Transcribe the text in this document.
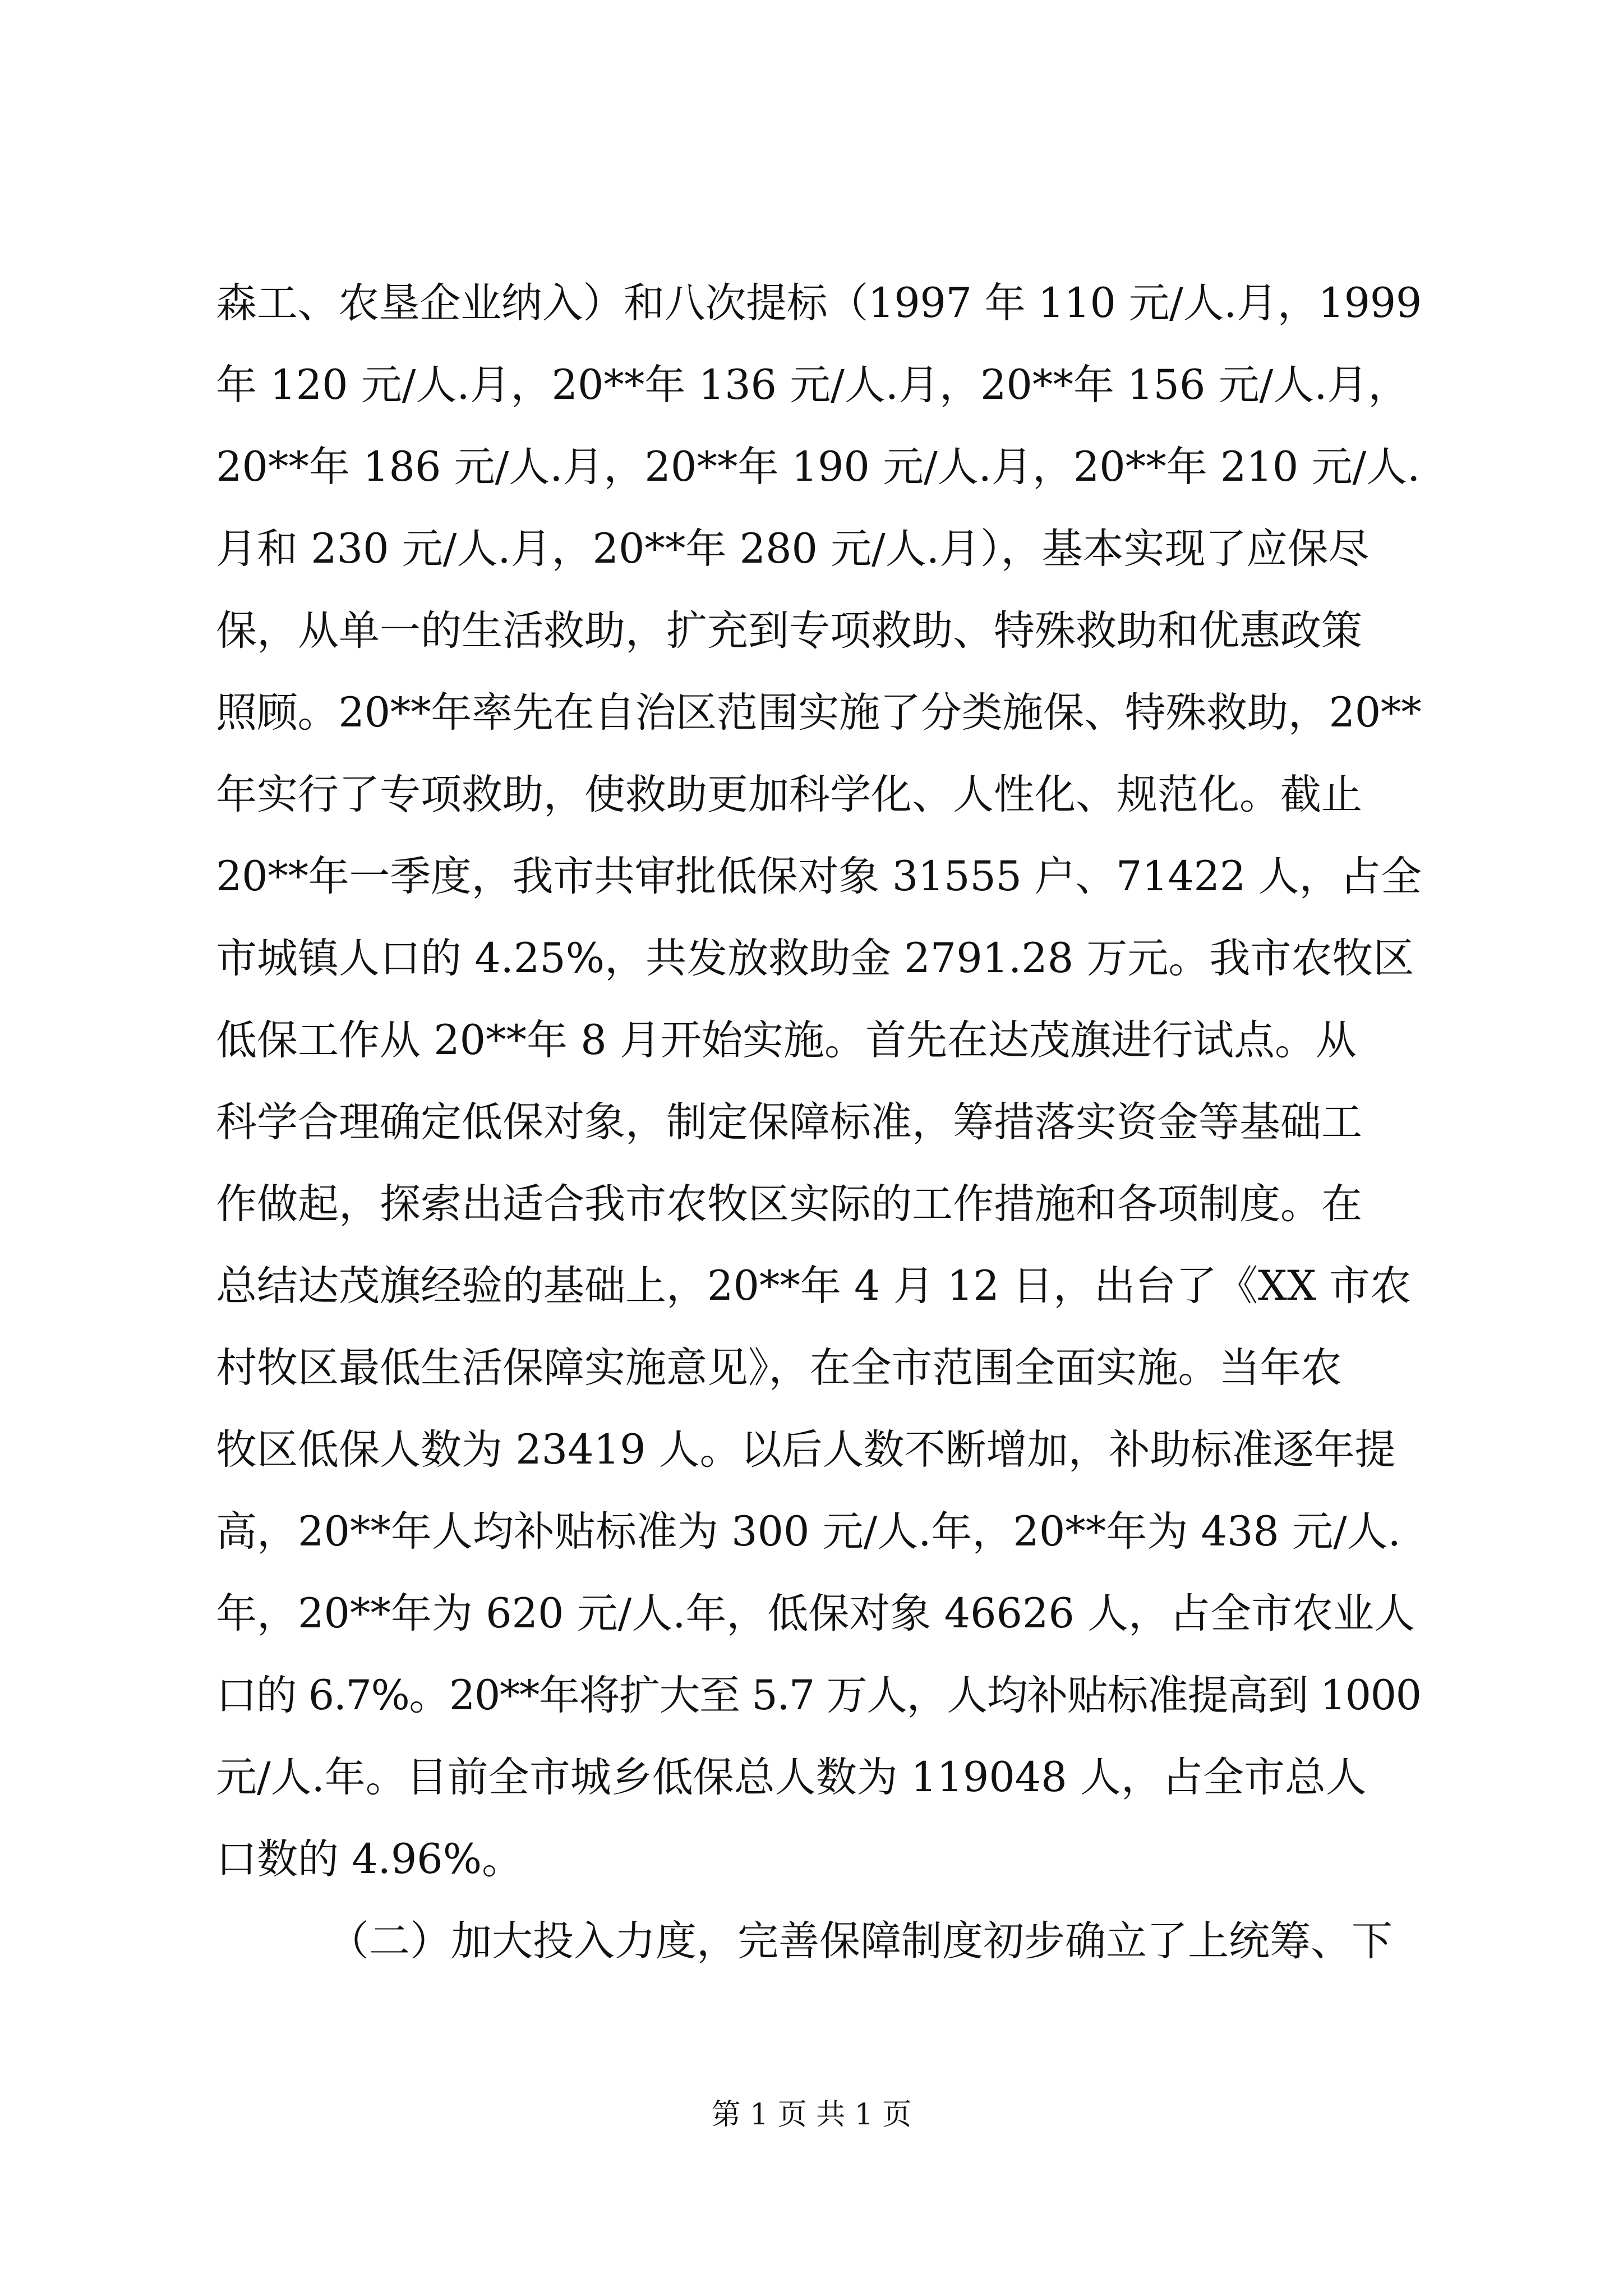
森工、农垦企业纳入）和八次提标（1997 年 110 元/人.月，1999
年 120 元/人.月，20**年 136 元/人.月，20**年 156 元/人.月，
20**年 186 元/人.月，20**年 190 元/人.月，20**年 210 元/人.
月和 230 元/人.月，20**年 280 元/人.月），基本实现了应保尽
保，从单一的生活救助，扩充到专项救助、特殊救助和优惠政策
照顾。20**年率先在自治区范围实施了分类施保、特殊救助，20**
年实行了专项救助，使救助更加科学化、人性化、规范化。截止
20**年一季度，我市共审批低保对象 31555 户、71422 人，占全
市城镇人口的 4.25%，共发放救助金 2791.28 万元。我市农牧区
低保工作从 20**年 8 月开始实施。首先在达茂旗进行试点。从
科学合理确定低保对象，制定保障标准，筹措落实资金等基础工
作做起，探索出适合我市农牧区实际的工作措施和各项制度。在
总结达茂旗经验的基础上，20**年 4 月 12 日，出台了《XX 市农
村牧区最低生活保障实施意见》，在全市范围全面实施。当年农
牧区低保人数为 23419 人。以后人数不断增加，补助标准逐年提
高，20**年人均补贴标准为 300 元/人.年，20**年为 438 元/人.
年，20**年为 620 元/人.年，低保对象 46626 人，占全市农业人
口的 6.7%。20**年将扩大至 5.7 万人，人均补贴标准提高到 1000
元/人.年。目前全市城乡低保总人数为 119048 人，占全市总人
口数的 4.96%。
（二）加大投入力度，完善保障制度初步确立了上统筹、下
第 1 页 共 1 页
